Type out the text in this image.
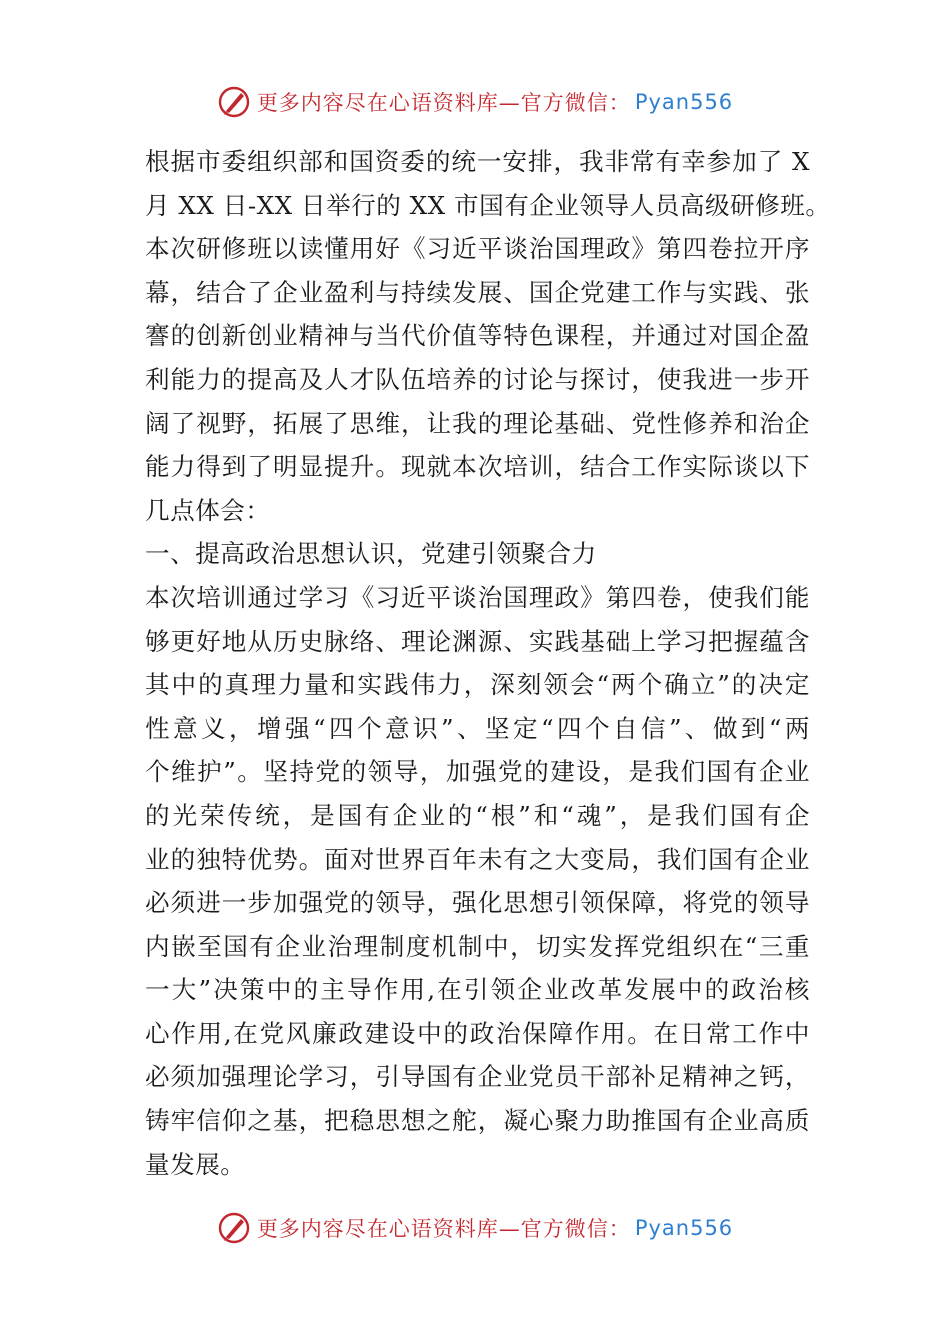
更多内容尽在心语资料库—官方微信： Pyan556
根据市委组织部和国资委的统一安排，我非常有幸参加了 X
月 XX 日-XX 日举行的 XX 市国有企业领导人员高级研修班。
本次研修班以读懂用好《习近平谈治国理政》第四卷拉开序
幕，结合了企业盈利与持续发展、国企党建工作与实践、张
謇的创新创业精神与当代价值等特色课程，并通过对国企盈
利能力的提高及人才队伍培养的讨论与探讨，使我进一步开
阔了视野，拓展了思维，让我的理论基础、党性修养和治企
能力得到了明显提升。现就本次培训，结合工作实际谈以下
几点体会：
一、提高政治思想认识，党建引领聚合力
本次培训通过学习《习近平谈治国理政》第四卷，使我们能
够更好地从历史脉络、理论渊源、实践基础上学习把握蕴含
其中的真理力量和实践伟力，深刻领会“两个确立”的决定
性意义，增强“四个意识”、坚定“四个自信”、做到“两
个维护”。坚持党的领导，加强党的建设，是我们国有企业
的光荣传统，是国有企业的“根”和“魂”，是我们国有企
业的独特优势。面对世界百年未有之大变局，我们国有企业
必须进一步加强党的领导，强化思想引领保障，将党的领导
内嵌至国有企业治理制度机制中，切实发挥党组织在“三重
一大”决策中的主导作用,在引领企业改革发展中的政治核
心作用,在党风廉政建设中的政治保障作用。在日常工作中
必须加强理论学习，引导国有企业党员干部补足精神之钙，
铸牢信仰之基，把稳思想之舵，凝心聚力助推国有企业高质
量发展。
更多内容尽在心语资料库—官方微信： Pyan556
